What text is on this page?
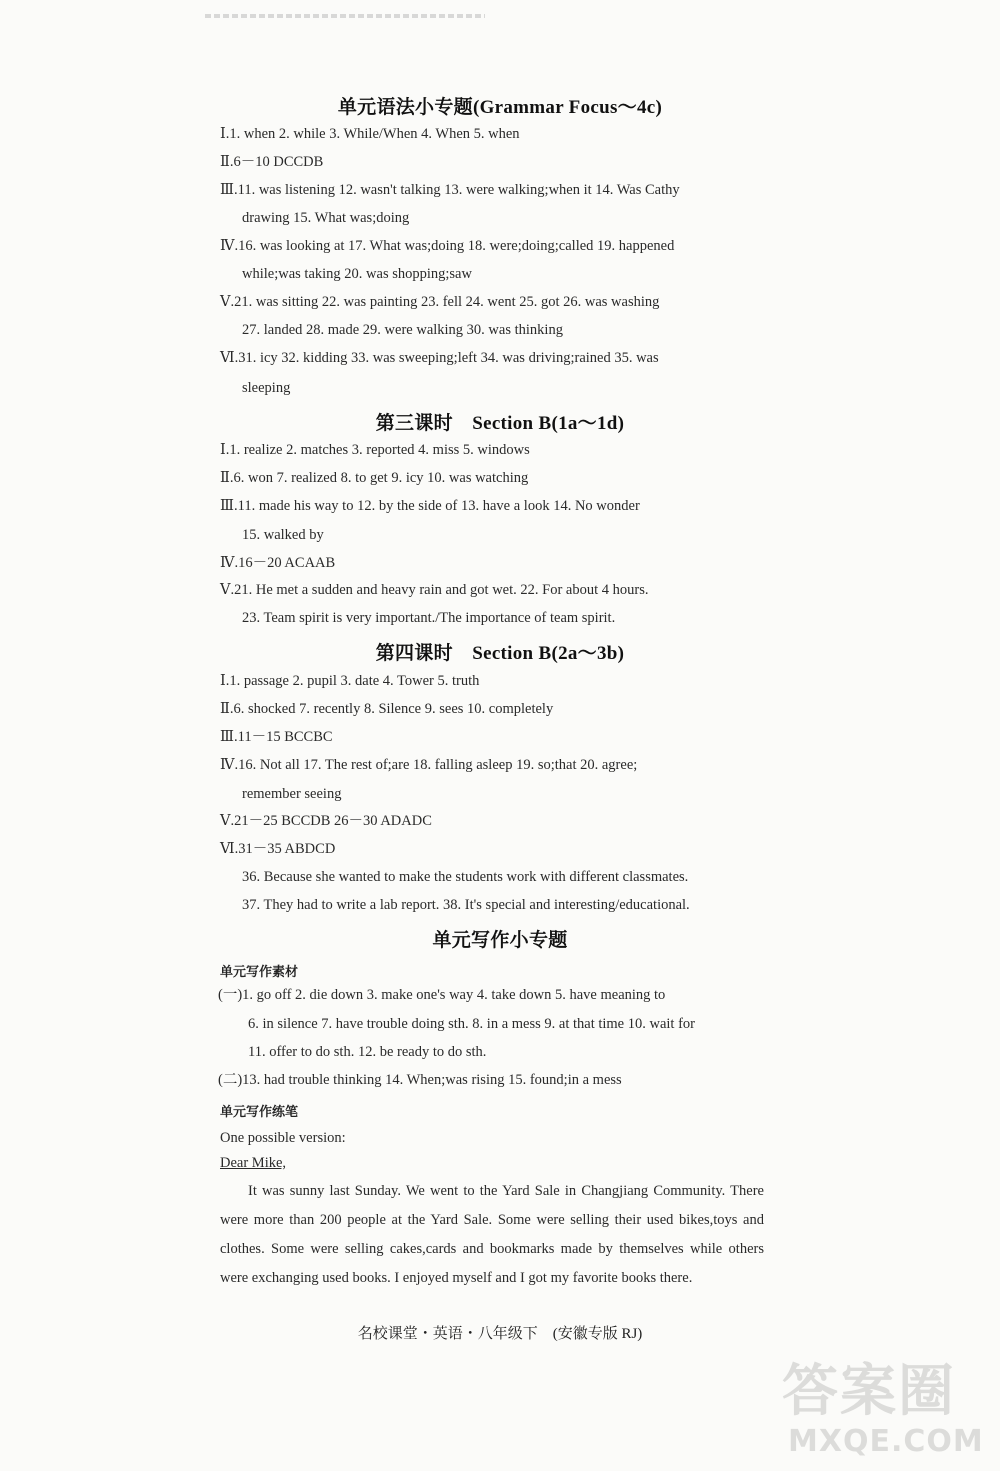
单元语法小专题(Grammar Focus～4c)
Ⅰ.1. when 2. while 3. While/When 4. When 5. when
Ⅱ.6－10 DCCDB
Ⅲ.11. was listening 12. wasn't talking 13. were walking;when it 14. Was Cathy
drawing 15. What was;doing
Ⅳ.16. was looking at 17. What was;doing 18. were;doing;called 19. happened
while;was taking 20. was shopping;saw
Ⅴ.21. was sitting 22. was painting 23. fell 24. went 25. got 26. was washing
27. landed 28. made 29. were walking 30. was thinking
Ⅵ.31. icy 32. kidding 33. was sweeping;left 34. was driving;rained 35. was
sleeping
第三课时　Section B(1a～1d)
Ⅰ.1. realize 2. matches 3. reported 4. miss 5. windows
Ⅱ.6. won 7. realized 8. to get 9. icy 10. was watching
Ⅲ.11. made his way to 12. by the side of 13. have a look 14. No wonder
15. walked by
Ⅳ.16－20 ACAAB
Ⅴ.21. He met a sudden and heavy rain and got wet. 22. For about 4 hours.
23. Team spirit is very important./The importance of team spirit.
第四课时　Section B(2a～3b)
Ⅰ.1. passage 2. pupil 3. date 4. Tower 5. truth
Ⅱ.6. shocked 7. recently 8. Silence 9. sees 10. completely
Ⅲ.11－15 BCCBC
Ⅳ.16. Not all 17. The rest of;are 18. falling asleep 19. so;that 20. agree;
remember seeing
Ⅴ.21－25 BCCDB 26－30 ADADC
Ⅵ.31－35 ABDCD
36. Because she wanted to make the students work with different classmates.
37. They had to write a lab report. 38. It's special and interesting/educational.
单元写作小专题
单元写作素材
(一)1. go off 2. die down 3. make one's way 4. take down 5. have meaning to
6. in silence 7. have trouble doing sth. 8. in a mess 9. at that time 10. wait for
11. offer to do sth. 12. be ready to do sth.
(二)13. had trouble thinking 14. When;was rising 15. found;in a mess
单元写作练笔
One possible version:
Dear Mike,
It was sunny last Sunday. We went to the Yard Sale in Changjiang Community. There were more than 200 people at the Yard Sale. Some were selling their used bikes,toys and clothes. Some were selling cakes,cards and bookmarks made by themselves while others were exchanging used books. I enjoyed myself and I got my favorite books there.
名校课堂・英语・八年级下　(安徽专版 RJ)
答案圈
MXQE.COM
